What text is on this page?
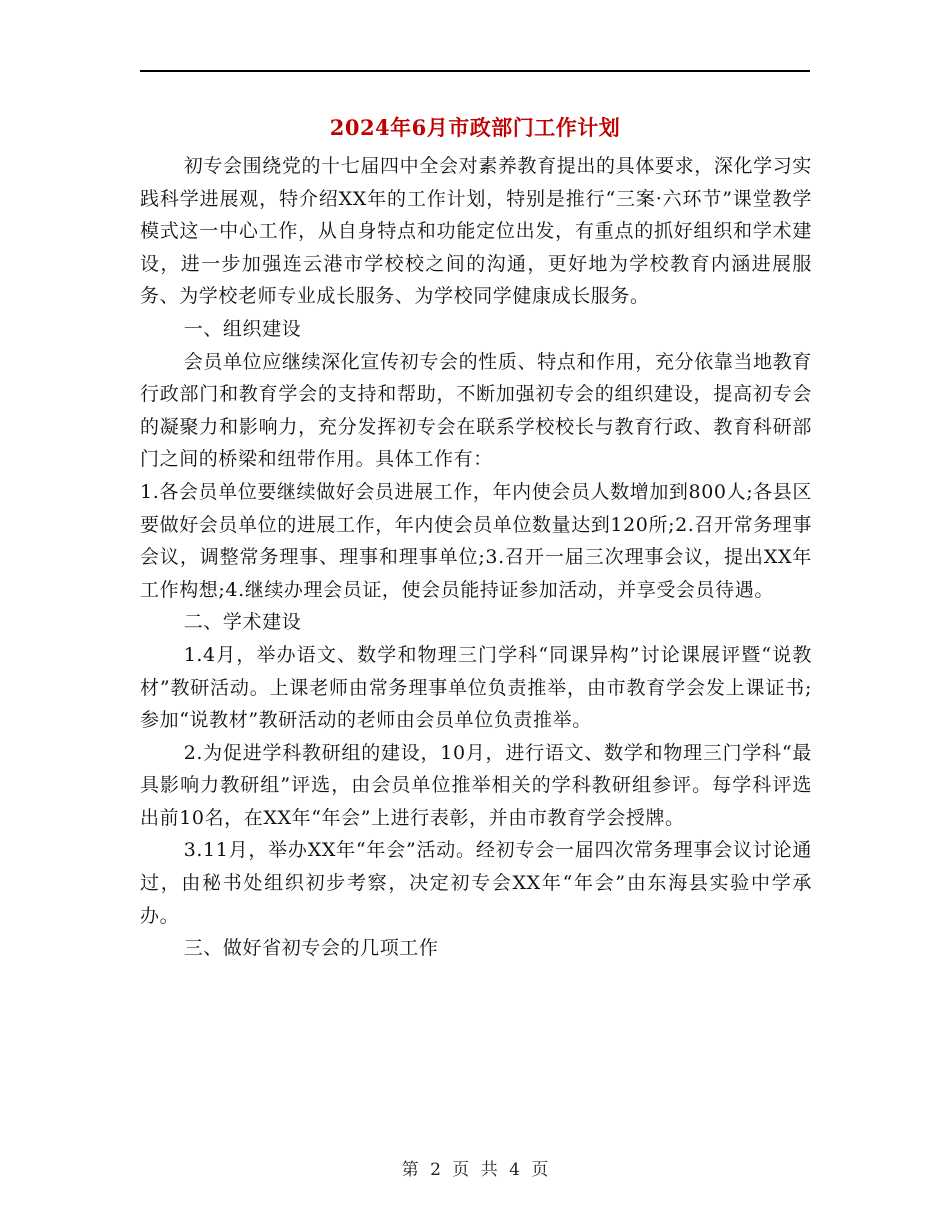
2024年6月市政部门工作计划

初专会围绕党的十七届四中全会对素养教育提出的具体要求，深化学习实践科学进展观，特介绍XX年的工作计划，特别是推行“三案·六环节”课堂教学模式这一中心工作，从自身特点和功能定位出发，有重点的抓好组织和学术建设，进一步加强连云港市学校校之间的沟通，更好地为学校教育内涵进展服务、为学校老师专业成长服务、为学校同学健康成长服务。

一、组织建设

会员单位应继续深化宣传初专会的性质、特点和作用，充分依靠当地教育行政部门和教育学会的支持和帮助，不断加强初专会的组织建设，提高初专会的凝聚力和影响力，充分发挥初专会在联系学校校长与教育行政、教育科研部门之间的桥梁和纽带作用。具体工作有：

1.各会员单位要继续做好会员进展工作，年内使会员人数增加到800人;各县区要做好会员单位的进展工作，年内使会员单位数量达到120所;2.召开常务理事会议，调整常务理事、理事和理事单位;3.召开一届三次理事会议，提出XX年工作构想;4.继续办理会员证，使会员能持证参加活动，并享受会员待遇。

二、学术建设

1.4月，举办语文、数学和物理三门学科“同课异构”讨论课展评暨“说教材”教研活动。上课老师由常务理事单位负责推举，由市教育学会发上课证书;参加“说教材”教研活动的老师由会员单位负责推举。

2.为促进学科教研组的建设，10月，进行语文、数学和物理三门学科“最具影响力教研组”评选，由会员单位推举相关的学科教研组参评。每学科评选出前10名，在XX年“年会”上进行表彰，并由市教育学会授牌。

3.11月，举办XX年“年会”活动。经初专会一届四次常务理事会议讨论通过，由秘书处组织初步考察，决定初专会XX年“年会”由东海县实验中学承办。

三、做好省初专会的几项工作

第 2 页 共 4 页
